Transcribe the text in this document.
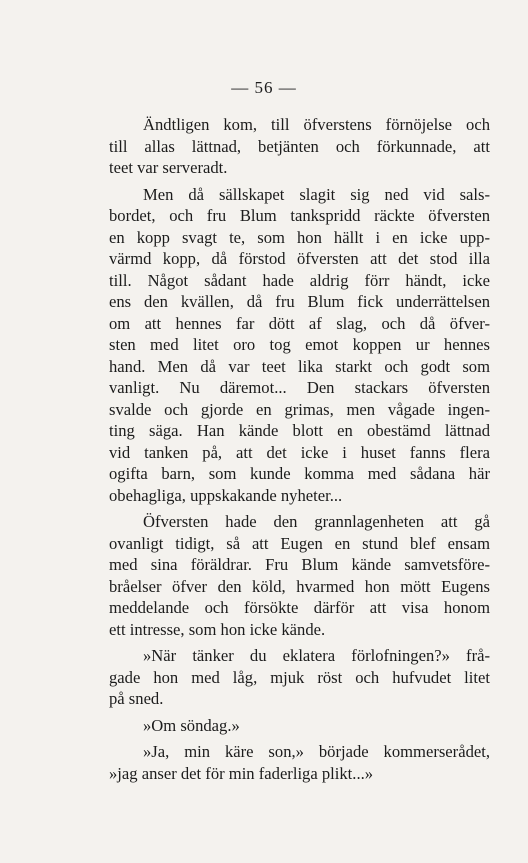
— 56 —
Ändtligen kom, till öfverstens förnöjelse och
till allas lättnad, betjänten och förkunnade, att
teet var serveradt.
Men då sällskapet slagit sig ned vid sals-
bordet, och fru Blum tankspridd räckte öfversten
en kopp svagt te, som hon hällt i en icke upp-
värmd kopp, då förstod öfversten att det stod illa
till. Något sådant hade aldrig förr händt, icke
ens den kvällen, då fru Blum fick underrättelsen
om att hennes far dött af slag, och då öfver-
sten med litet oro tog emot koppen ur hennes
hand. Men då var teet lika starkt och godt som
vanligt. Nu däremot... Den stackars öfversten
svalde och gjorde en grimas, men vågade ingen-
ting säga. Han kände blott en obestämd lättnad
vid tanken på, att det icke i huset fanns flera
ogifta barn, som kunde komma med sådana här
obehagliga, uppskakande nyheter...
Öfversten hade den grannlagenheten att gå
ovanligt tidigt, så att Eugen en stund blef ensam
med sina föräldrar. Fru Blum kände samvetsföre-
bråelser öfver den köld, hvarmed hon mött Eugens
meddelande och försökte därför att visa honom
ett intresse, som hon icke kände.
»När tänker du eklatera förlofningen?» frå-
gade hon med låg, mjuk röst och hufvudet litet
på sned.
»Om söndag.»
»Ja, min käre son,» började kommerserådet,
»jag anser det för min faderliga plikt...»
